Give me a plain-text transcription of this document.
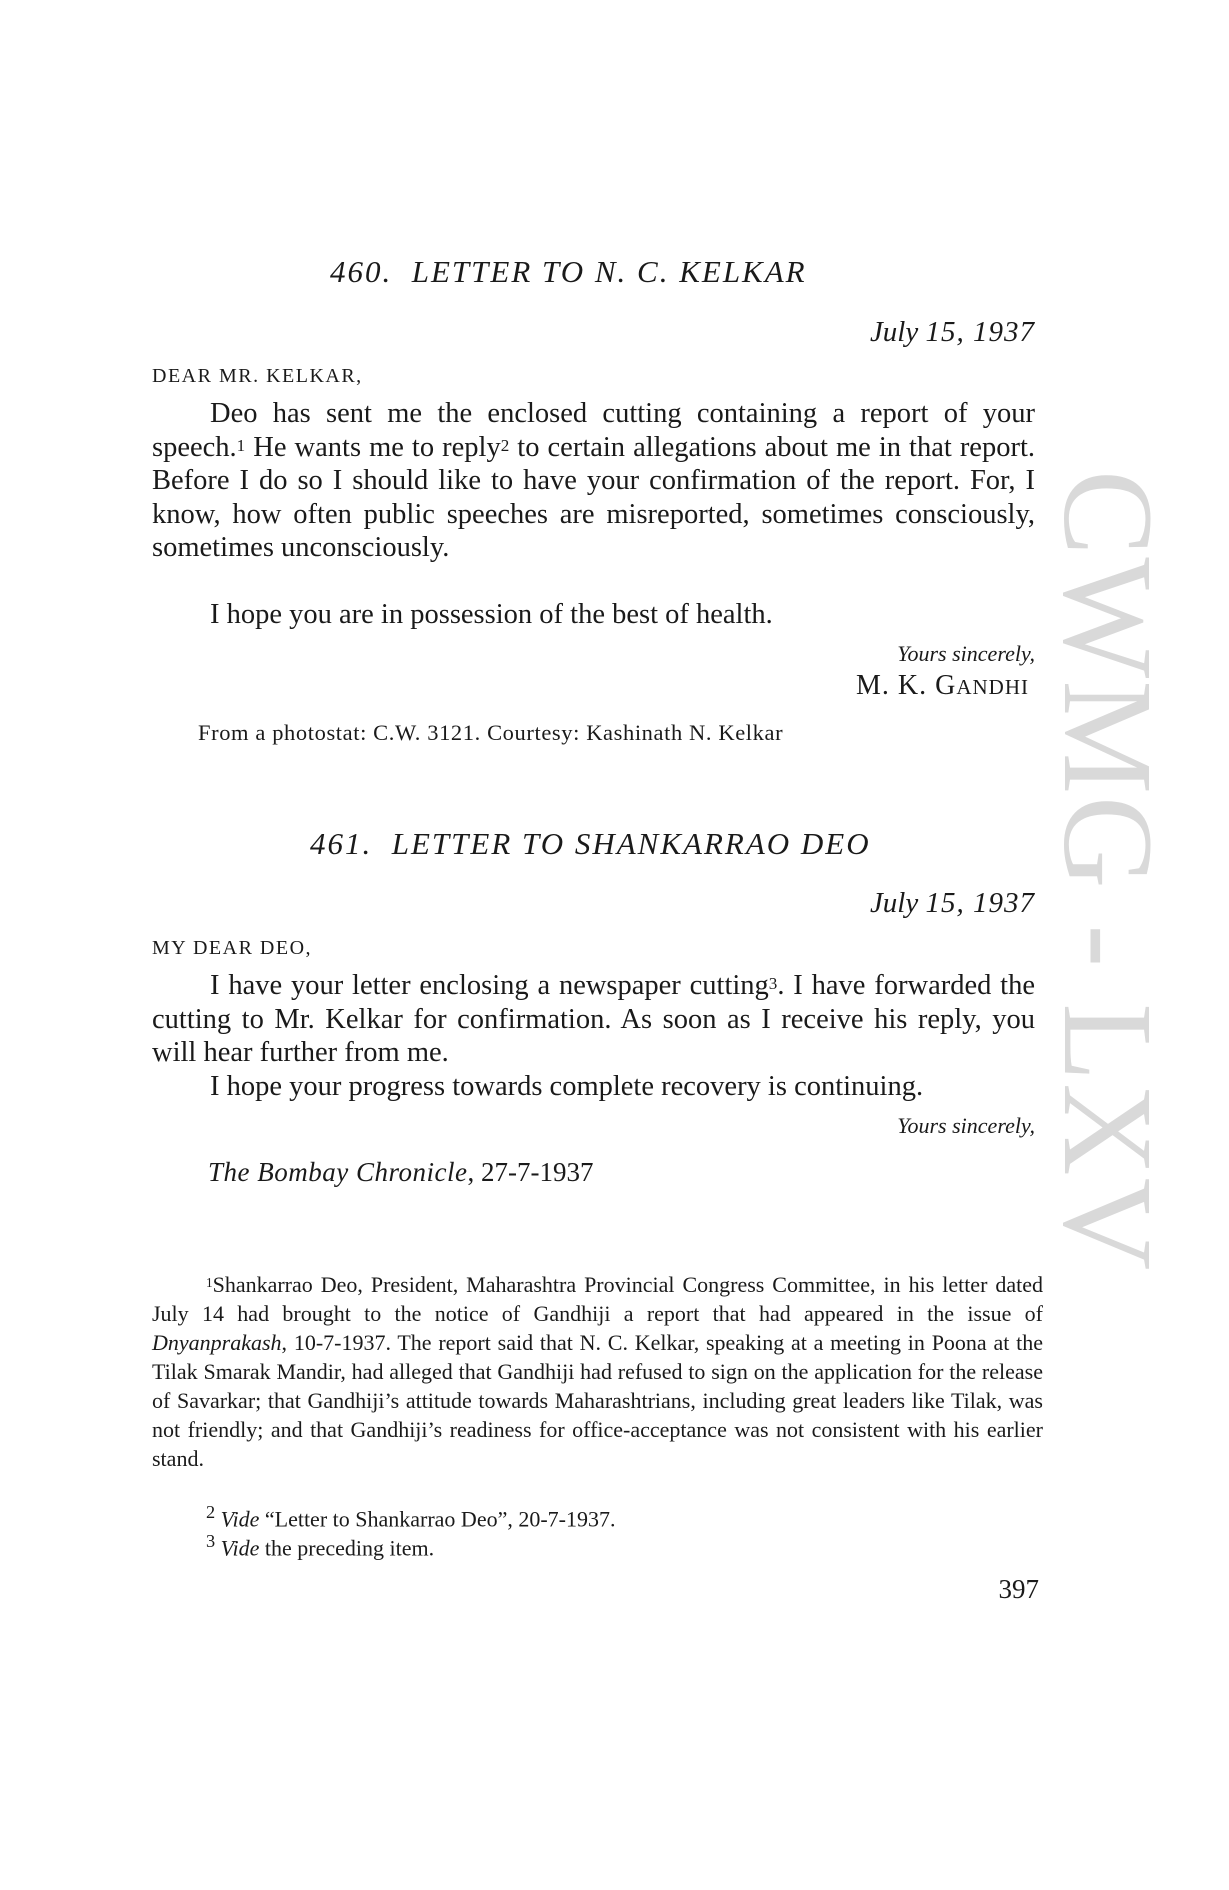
CWMG - LXV
460. LETTER TO N. C. KELKAR
July 15, 1937
DEAR MR. KELKAR,

Deo has sent me the enclosed cutting containing a report of your speech.$^1$ He wants me to reply$^2$ to certain allegations about me in that report. Before I do so I should like to have your confirmation of the report. For, I know, how often public speeches are misreported, sometimes consciously, sometimes unconsciously.

I hope you are in possession of the best of health.

Yours sincerely,
M. K. GANDHI
From a photostat: C.W. 3121. Courtesy: Kashinath N. Kelkar
461. LETTER TO SHANKARRAO DEO
July 15, 1937
MY DEAR DEO,

I have your letter enclosing a newspaper cutting$^3$. I have forwarded the cutting to Mr. Kelkar for confirmation. As soon as I receive his reply, you will hear further from me.

I hope your progress towards complete recovery is continuing.

Yours sincerely,
The Bombay Chronicle, 27-7-1937

$^1$Shankarrao Deo, President, Maharashtra Provincial Congress Committee, in his letter dated July 14 had brought to the notice of Gandhiji a report that had appeared in the issue of Dnyanprakash, 10-7-1937. The report said that N. C. Kelkar, speaking at a meeting in Poona at the Tilak Smarak Mandir, had alleged that Gandhiji had refused to sign on the application for the release of Savarkar; that Gandhiji’s attitude towards Maharashtrians, including great leaders like Tilak, was not friendly; and that Gandhiji’s readiness for office-acceptance was not consistent with his earlier stand.

$^2$ Vide “Letter to Shankarrao Deo”, 20-7-1937.
$^3$ Vide the preceding item.
397
